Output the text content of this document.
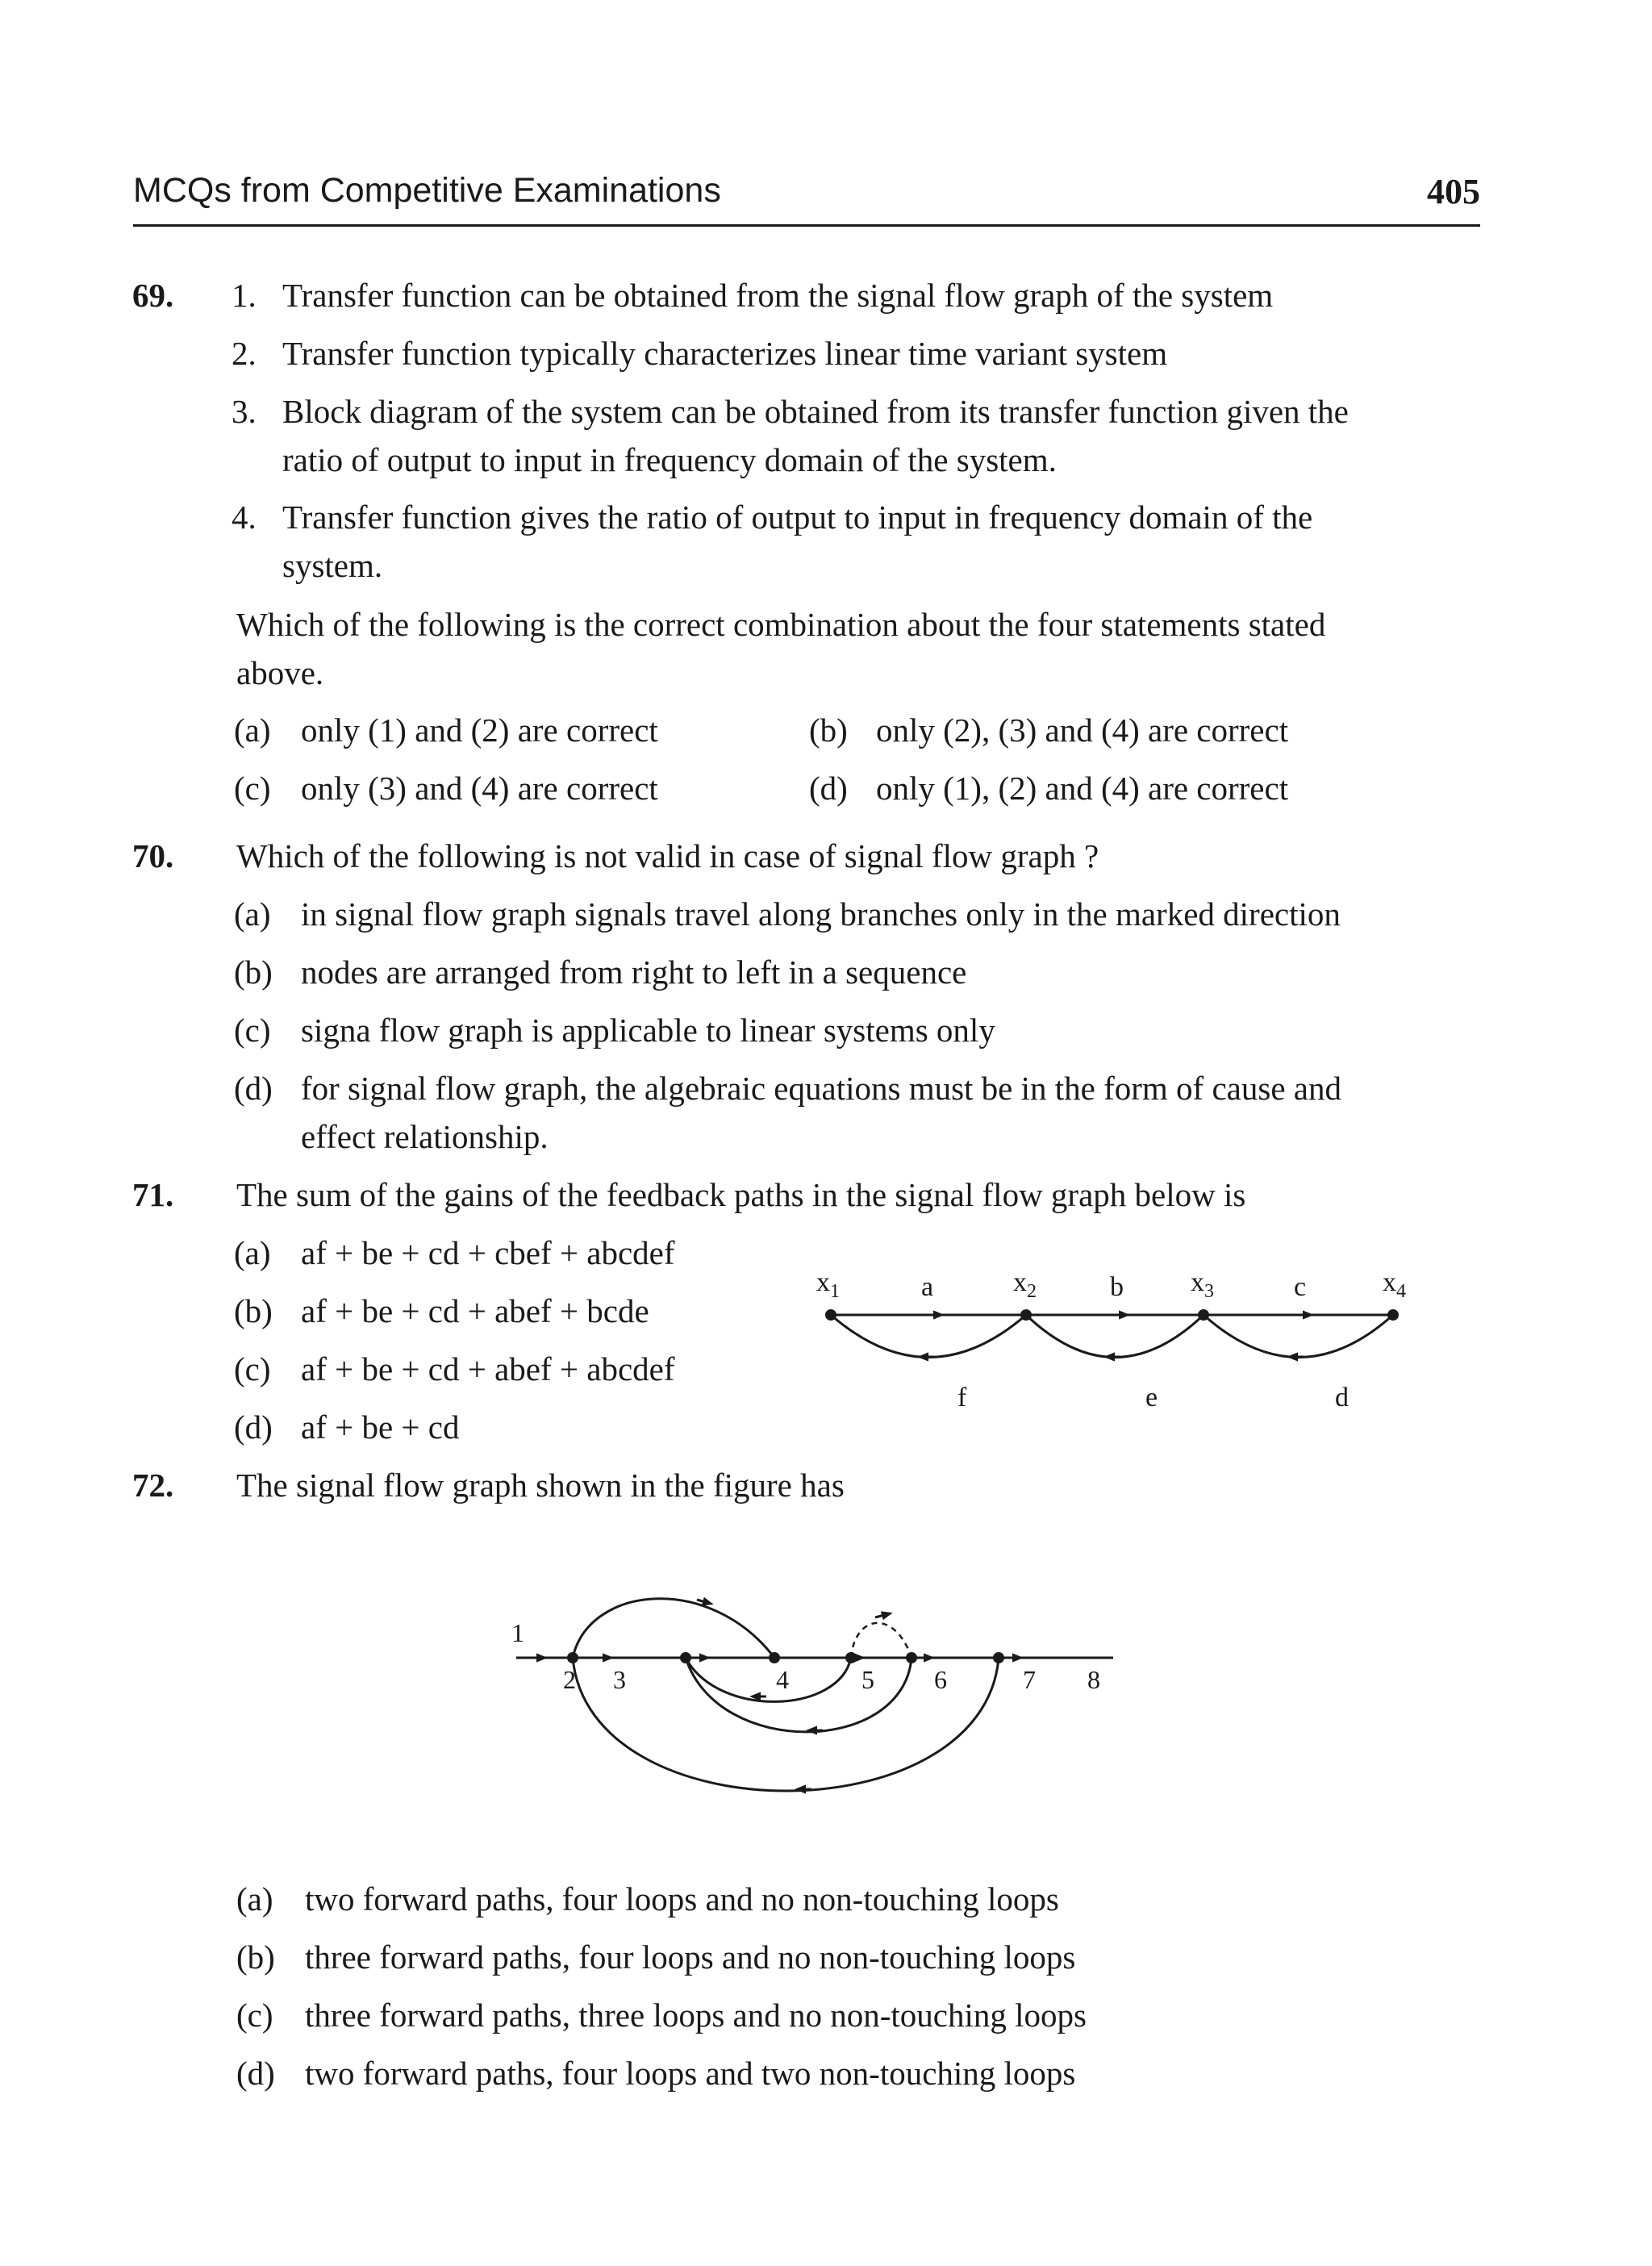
MCQs from Competitive Examinations	405
69. 1. Transfer function can be obtained from the signal flow graph of the system
2. Transfer function typically characterizes linear time variant system
3. Block diagram of the system can be obtained from its transfer function given the
ratio of output to input in frequency domain of the system.
4. Transfer function gives the ratio of output to input in frequency domain of the
system.
Which of the following is the correct combination about the four statements stated
above.
(a) only (1) and (2) are correct	(b) only (2), (3) and (4) are correct
(c) only (3) and (4) are correct	(d) only (1), (2) and (4) are correct
70. Which of the following is not valid in case of signal flow graph ?
(a) in signal flow graph signals travel along branches only in the marked direction
(b) nodes are arranged from right to left in a sequence
(c) signa flow graph is applicable to linear systems only
(d) for signal flow graph, the algebraic equations must be in the form of cause and
effect relationship.
71. The sum of the gains of the feedback paths in the signal flow graph below is
(a) af + be + cd + cbef + abcdef
(b) af + be + cd + abef + bcde
(c) af + be + cd + abef + abcdef
(d) af + be + cd
$x_1$	$x_2$	$x_3$	$x_4$
a	b	c
f	e	d
72. The signal flow graph shown in the figure has
1
2 3	4	5 6	7 8
(a) two forward paths, four loops and no non-touching loops
(b) three forward paths, four loops and no non-touching loops
(c) three forward paths, three loops and no non-touching loops
(d) two forward paths, four loops and two non-touching loops
